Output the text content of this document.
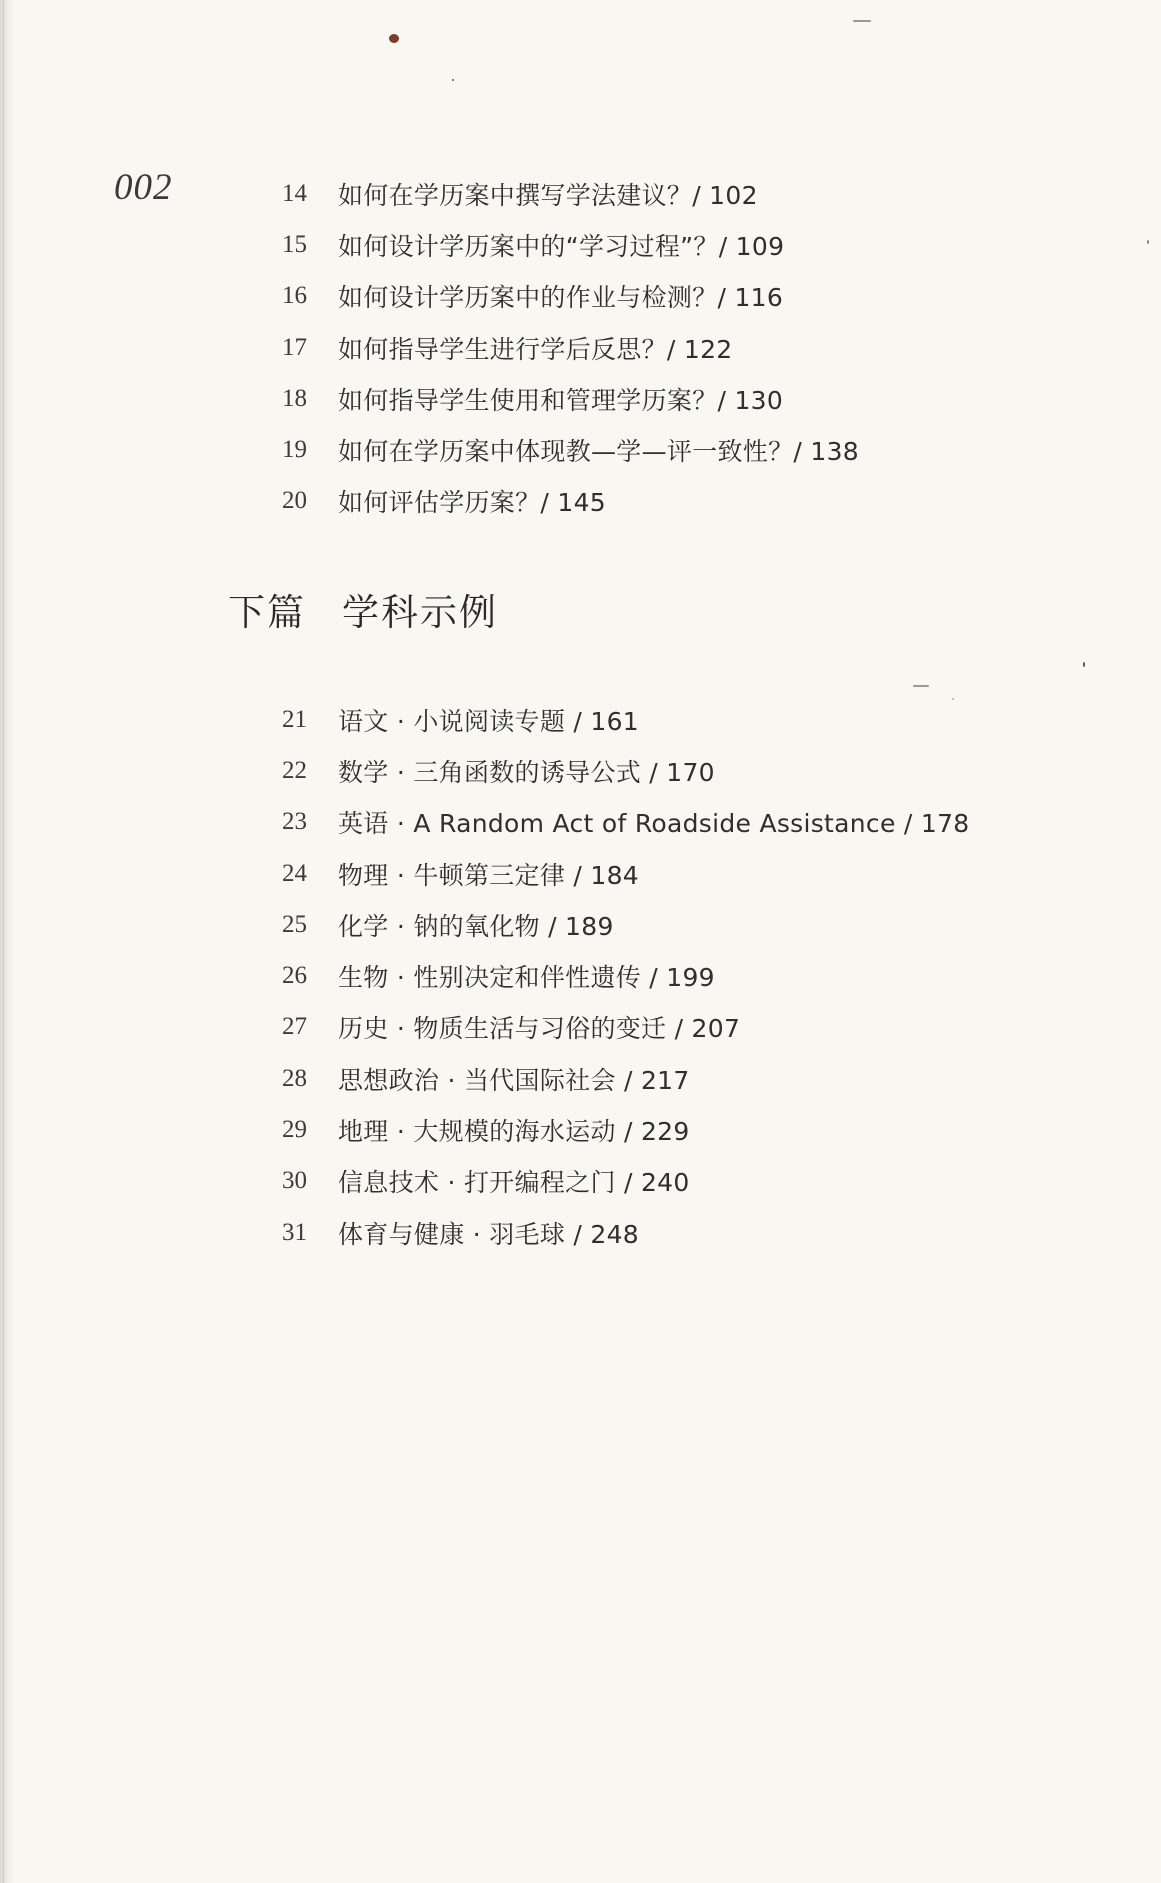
002	14	如何在学历案中撰写学法建议？/ 102
15	如何设计学历案中的“学习过程”？/ 109
16	如何设计学历案中的作业与检测？/ 116
17	如何指导学生进行学后反思？/ 122
18	如何指导学生使用和管理学历案？/ 130
19	如何在学历案中体现教—学—评一致性？/ 138
20	如何评估学历案？/ 145
下篇 学科示例
21	语文 · 小说阅读专题 / 161
22	数学 · 三角函数的诱导公式 / 170
23	英语 · A Random Act of Roadside Assistance / 178
24	物理 · 牛顿第三定律 / 184
25	化学 · 钠的氧化物 / 189
26	生物 · 性别决定和伴性遗传 / 199
27	历史 · 物质生活与习俗的变迁 / 207
28	思想政治 · 当代国际社会 / 217
29	地理 · 大规模的海水运动 / 229
30	信息技术 · 打开编程之门 / 240
31	体育与健康 · 羽毛球 / 248
